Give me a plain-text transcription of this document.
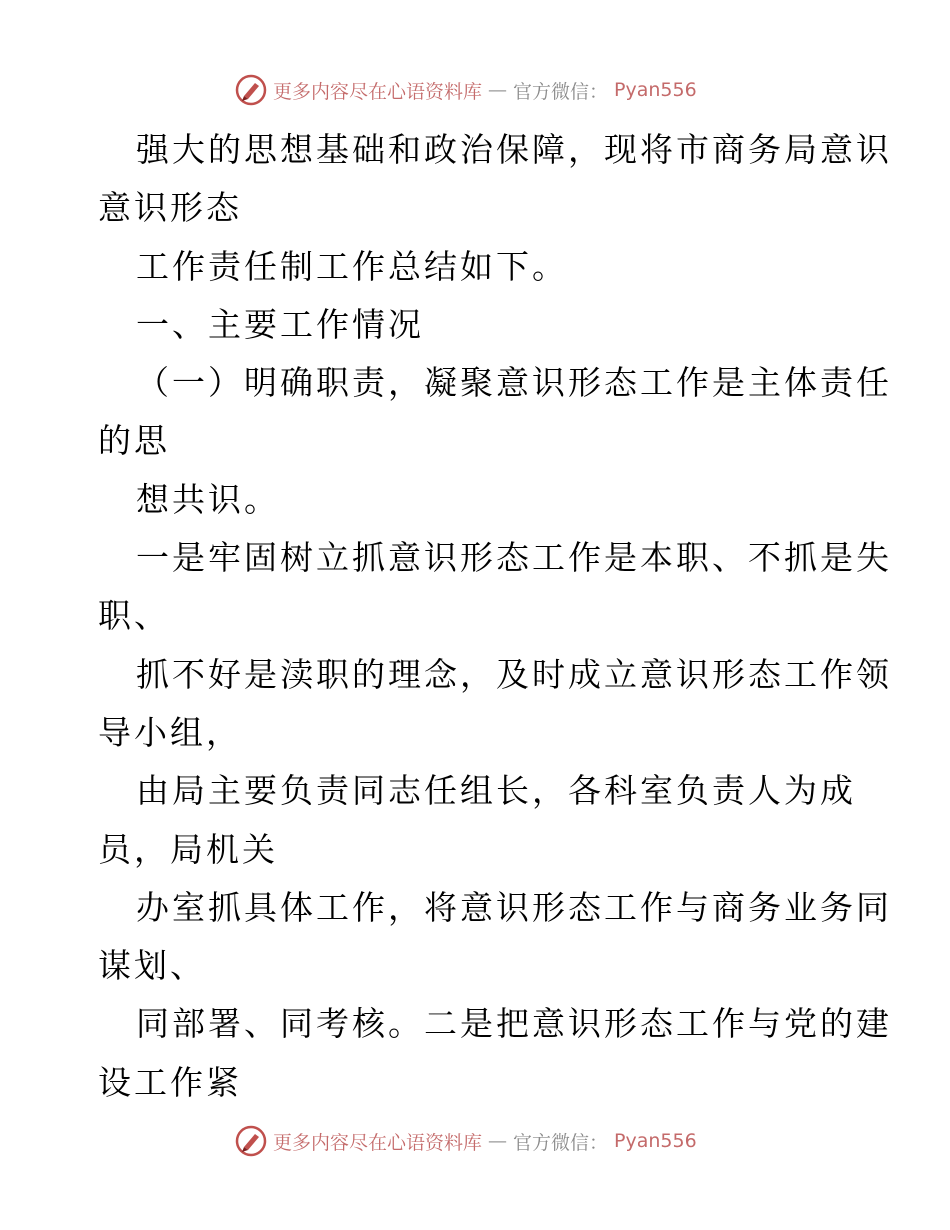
更多内容尽在心语资料库 — 官方微信： Pyan556
强大的思想基础和政治保障，现将市商务局意识
意识形态
工作责任制工作总结如下。
一、主要工作情况
（一）明确职责，凝聚意识形态工作是主体责任
的思
想共识。
一是牢固树立抓意识形态工作是本职、不抓是失
职、
抓不好是渎职的理念，及时成立意识形态工作领
导小组，
由局主要负责同志任组长，各科室负责人为成
员，局机关
办室抓具体工作，将意识形态工作与商务业务同
谋划、
同部署、同考核。二是把意识形态工作与党的建
设工作紧
更多内容尽在心语资料库 — 官方微信： Pyan556
